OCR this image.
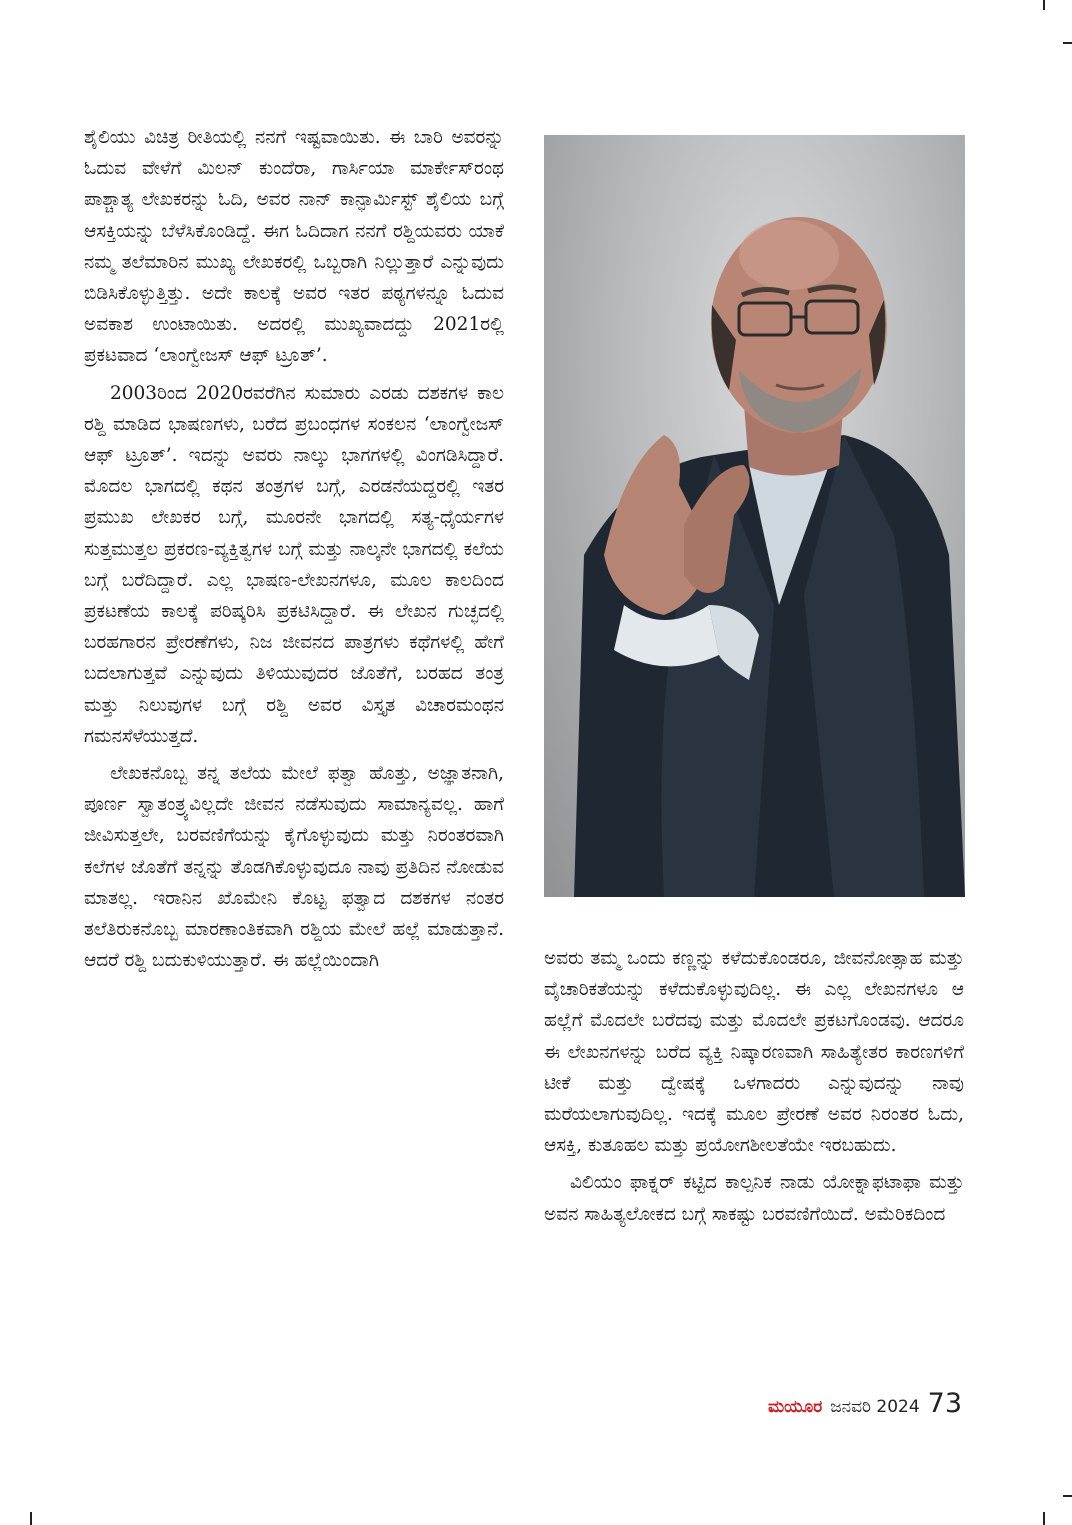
ಶೈಲಿಯು ವಿಚಿತ್ರ ರೀತಿಯಲ್ಲಿ ನನಗೆ ಇಷ್ಟವಾಯಿತು. ಈ ಬಾರಿ ಅವರನ್ನು ಓದುವ ವೇಳೆಗೆ ಮಿಲನ್ ಕುಂದೆರಾ, ಗಾರ್ಸಿಯಾ ಮಾರ್ಕೇಸ್‌ರಂಥ ಪಾಶ್ಚಾತ್ಯ ಲೇಖಕರನ್ನು ಓದಿ, ಅವರ ನಾನ್ ಕಾನ್ಫಾರ್ಮಿಸ್ಟ್ ಶೈಲಿಯ ಬಗ್ಗೆ ಆಸಕ್ತಿಯನ್ನು ಬೆಳೆಸಿಕೊಂಡಿದ್ದೆ. ಈಗ ಓದಿದಾಗ ನನಗೆ ರಶ್ದಿಯವರು ಯಾಕೆ ನಮ್ಮ ತಲೆಮಾರಿನ ಮುಖ್ಯ ಲೇಖಕರಲ್ಲಿ ಒಬ್ಬರಾಗಿ ನಿಲ್ಲುತ್ತಾರೆ ಎನ್ನುವುದು ಬಿಡಿಸಿಕೊಳ್ಳುತ್ತಿತ್ತು. ಅದೇ ಕಾಲಕ್ಕೆ ಅವರ ಇತರ ಪಠ್ಯಗಳನ್ನೂ ಓದುವ ಅವಕಾಶ ಉಂಟಾಯಿತು. ಅದರಲ್ಲಿ ಮುಖ್ಯವಾದದ್ದು 2021ರಲ್ಲಿ ಪ್ರಕಟವಾದ ‘ಲಾಂಗ್ವೇಜಸ್ ಆಫ್ ಟ್ರೂತ್’.

2003ರಿಂದ 2020ರವರೆಗಿನ ಸುಮಾರು ಎರಡು ದಶಕಗಳ ಕಾಲ ರಶ್ದಿ ಮಾಡಿದ ಭಾಷಣಗಳು, ಬರೆದ ಪ್ರಬಂಧಗಳ ಸಂಕಲನ ‘ಲಾಂಗ್ವೇಜಸ್ ಆಫ್ ಟ್ರೂತ್’. ಇದನ್ನು ಅವರು ನಾಲ್ಕು ಭಾಗಗಳಲ್ಲಿ ವಿಂಗಡಿಸಿದ್ದಾರೆ. ಮೊದಲ ಭಾಗದಲ್ಲಿ ಕಥನ ತಂತ್ರಗಳ ಬಗ್ಗೆ, ಎರಡನೆಯದ್ದರಲ್ಲಿ ಇತರ ಪ್ರಮುಖ ಲೇಖಕರ ಬಗ್ಗೆ, ಮೂರನೇ ಭಾಗದಲ್ಲಿ ಸತ್ಯ-ಧೈರ್ಯಗಳ ಸುತ್ತಮುತ್ತಲ ಪ್ರಕರಣ-ವ್ಯಕ್ತಿತ್ವಗಳ ಬಗ್ಗೆ ಮತ್ತು ನಾಲ್ಕನೇ ಭಾಗದಲ್ಲಿ ಕಲೆಯ ಬಗ್ಗೆ ಬರೆದಿದ್ದಾರೆ. ಎಲ್ಲ ಭಾಷಣ-ಲೇಖನಗಳೂ, ಮೂಲ ಕಾಲದಿಂದ ಪ್ರಕಟಣೆಯ ಕಾಲಕ್ಕೆ ಪರಿಷ್ಕರಿಸಿ ಪ್ರಕಟಿಸಿದ್ದಾರೆ. ಈ ಲೇಖನ ಗುಚ್ಛದಲ್ಲಿ ಬರಹಗಾರನ ಪ್ರೇರಣೆಗಳು, ನಿಜ ಜೀವನದ ಪಾತ್ರಗಳು ಕಥೆಗಳಲ್ಲಿ ಹೇಗೆ ಬದಲಾಗುತ್ತವೆ ಎನ್ನುವುದು ತಿಳಿಯುವುದರ ಜೊತೆಗೆ, ಬರಹದ ತಂತ್ರ ಮತ್ತು ನಿಲುವುಗಳ ಬಗ್ಗೆ ರಶ್ದಿ ಅವರ ವಿಸ್ತೃತ ವಿಚಾರಮಂಥನ ಗಮನಸೆಳೆಯುತ್ತದೆ.

ಲೇಖಕನೊಬ್ಬ ತನ್ನ ತಲೆಯ ಮೇಲೆ ಫತ್ವಾ ಹೊತ್ತು, ಅಜ್ಞಾತನಾಗಿ, ಪೂರ್ಣ ಸ್ವಾತಂತ್ರ್ಯವಿಲ್ಲದೇ ಜೀವನ ನಡೆಸುವುದು ಸಾಮಾನ್ಯವಲ್ಲ. ಹಾಗೆ ಜೀವಿಸುತ್ತಲೇ, ಬರವಣಿಗೆಯನ್ನು ಕೈಗೊಳ್ಳುವುದು ಮತ್ತು ನಿರಂತರವಾಗಿ ಕಲೆಗಳ ಜೊತೆಗೆ ತನ್ನನ್ನು ತೊಡಗಿಕೊಳ್ಳುವುದೂ ನಾವು ಪ್ರತಿದಿನ ನೋಡುವ ಮಾತಲ್ಲ. ಇರಾನಿನ ಖೊಮೇನಿ ಕೊಟ್ಟ ಫತ್ವಾದ ದಶಕಗಳ ನಂತರ ತಲೆತಿರುಕನೊಬ್ಬ ಮಾರಣಾಂತಿಕವಾಗಿ ರಶ್ದಿಯ ಮೇಲೆ ಹಲ್ಲೆ ಮಾಡುತ್ತಾನೆ. ಆದರೆ ರಶ್ದಿ ಬದುಕುಳಿಯುತ್ತಾರೆ. ಈ ಹಲ್ಲೆಯಿಂದಾಗಿ	ಅವರು ತಮ್ಮ ಒಂದು ಕಣ್ಣನ್ನು ಕಳೆದುಕೊಂಡರೂ, ಜೀವನೋತ್ಸಾಹ ಮತ್ತು ವೈಚಾರಿಕತೆಯನ್ನು ಕಳೆದುಕೊಳ್ಳುವುದಿಲ್ಲ. ಈ ಎಲ್ಲ ಲೇಖನಗಳೂ ಆ ಹಲ್ಲೆಗೆ ಮೊದಲೇ ಬರೆದವು ಮತ್ತು ಮೊದಲೇ ಪ್ರಕಟಗೊಂಡವು. ಆದರೂ ಈ ಲೇಖನಗಳನ್ನು ಬರೆದ ವ್ಯಕ್ತಿ ನಿಷ್ಕಾರಣವಾಗಿ ಸಾಹಿತ್ಯೇತರ ಕಾರಣಗಳಿಗೆ ಟೀಕೆ ಮತ್ತು ದ್ವೇಷಕ್ಕೆ ಒಳಗಾದರು ಎನ್ನುವುದನ್ನು ನಾವು ಮರೆಯಲಾಗುವುದಿಲ್ಲ. ಇದಕ್ಕೆ ಮೂಲ ಪ್ರೇರಣೆ ಅವರ ನಿರಂತರ ಓದು, ಆಸಕ್ತಿ, ಕುತೂಹಲ ಮತ್ತು ಪ್ರಯೋಗಶೀಲತೆಯೇ ಇರಬಹುದು.

ವಿಲಿಯಂ ಫಾಕ್ನರ್ ಕಟ್ಟಿದ ಕಾಲ್ಪನಿಕ ನಾಡು ಯೋಕ್ನಾಫಟಾಫಾ ಮತ್ತು ಅವನ ಸಾಹಿತ್ಯಲೋಕದ ಬಗ್ಗೆ ಸಾಕಷ್ಟು ಬರವಣಿಗೆಯಿದೆ. ಅಮೆರಿಕದಿಂದ

ಮಯೂರ ಜನವರಿ 2024 73
